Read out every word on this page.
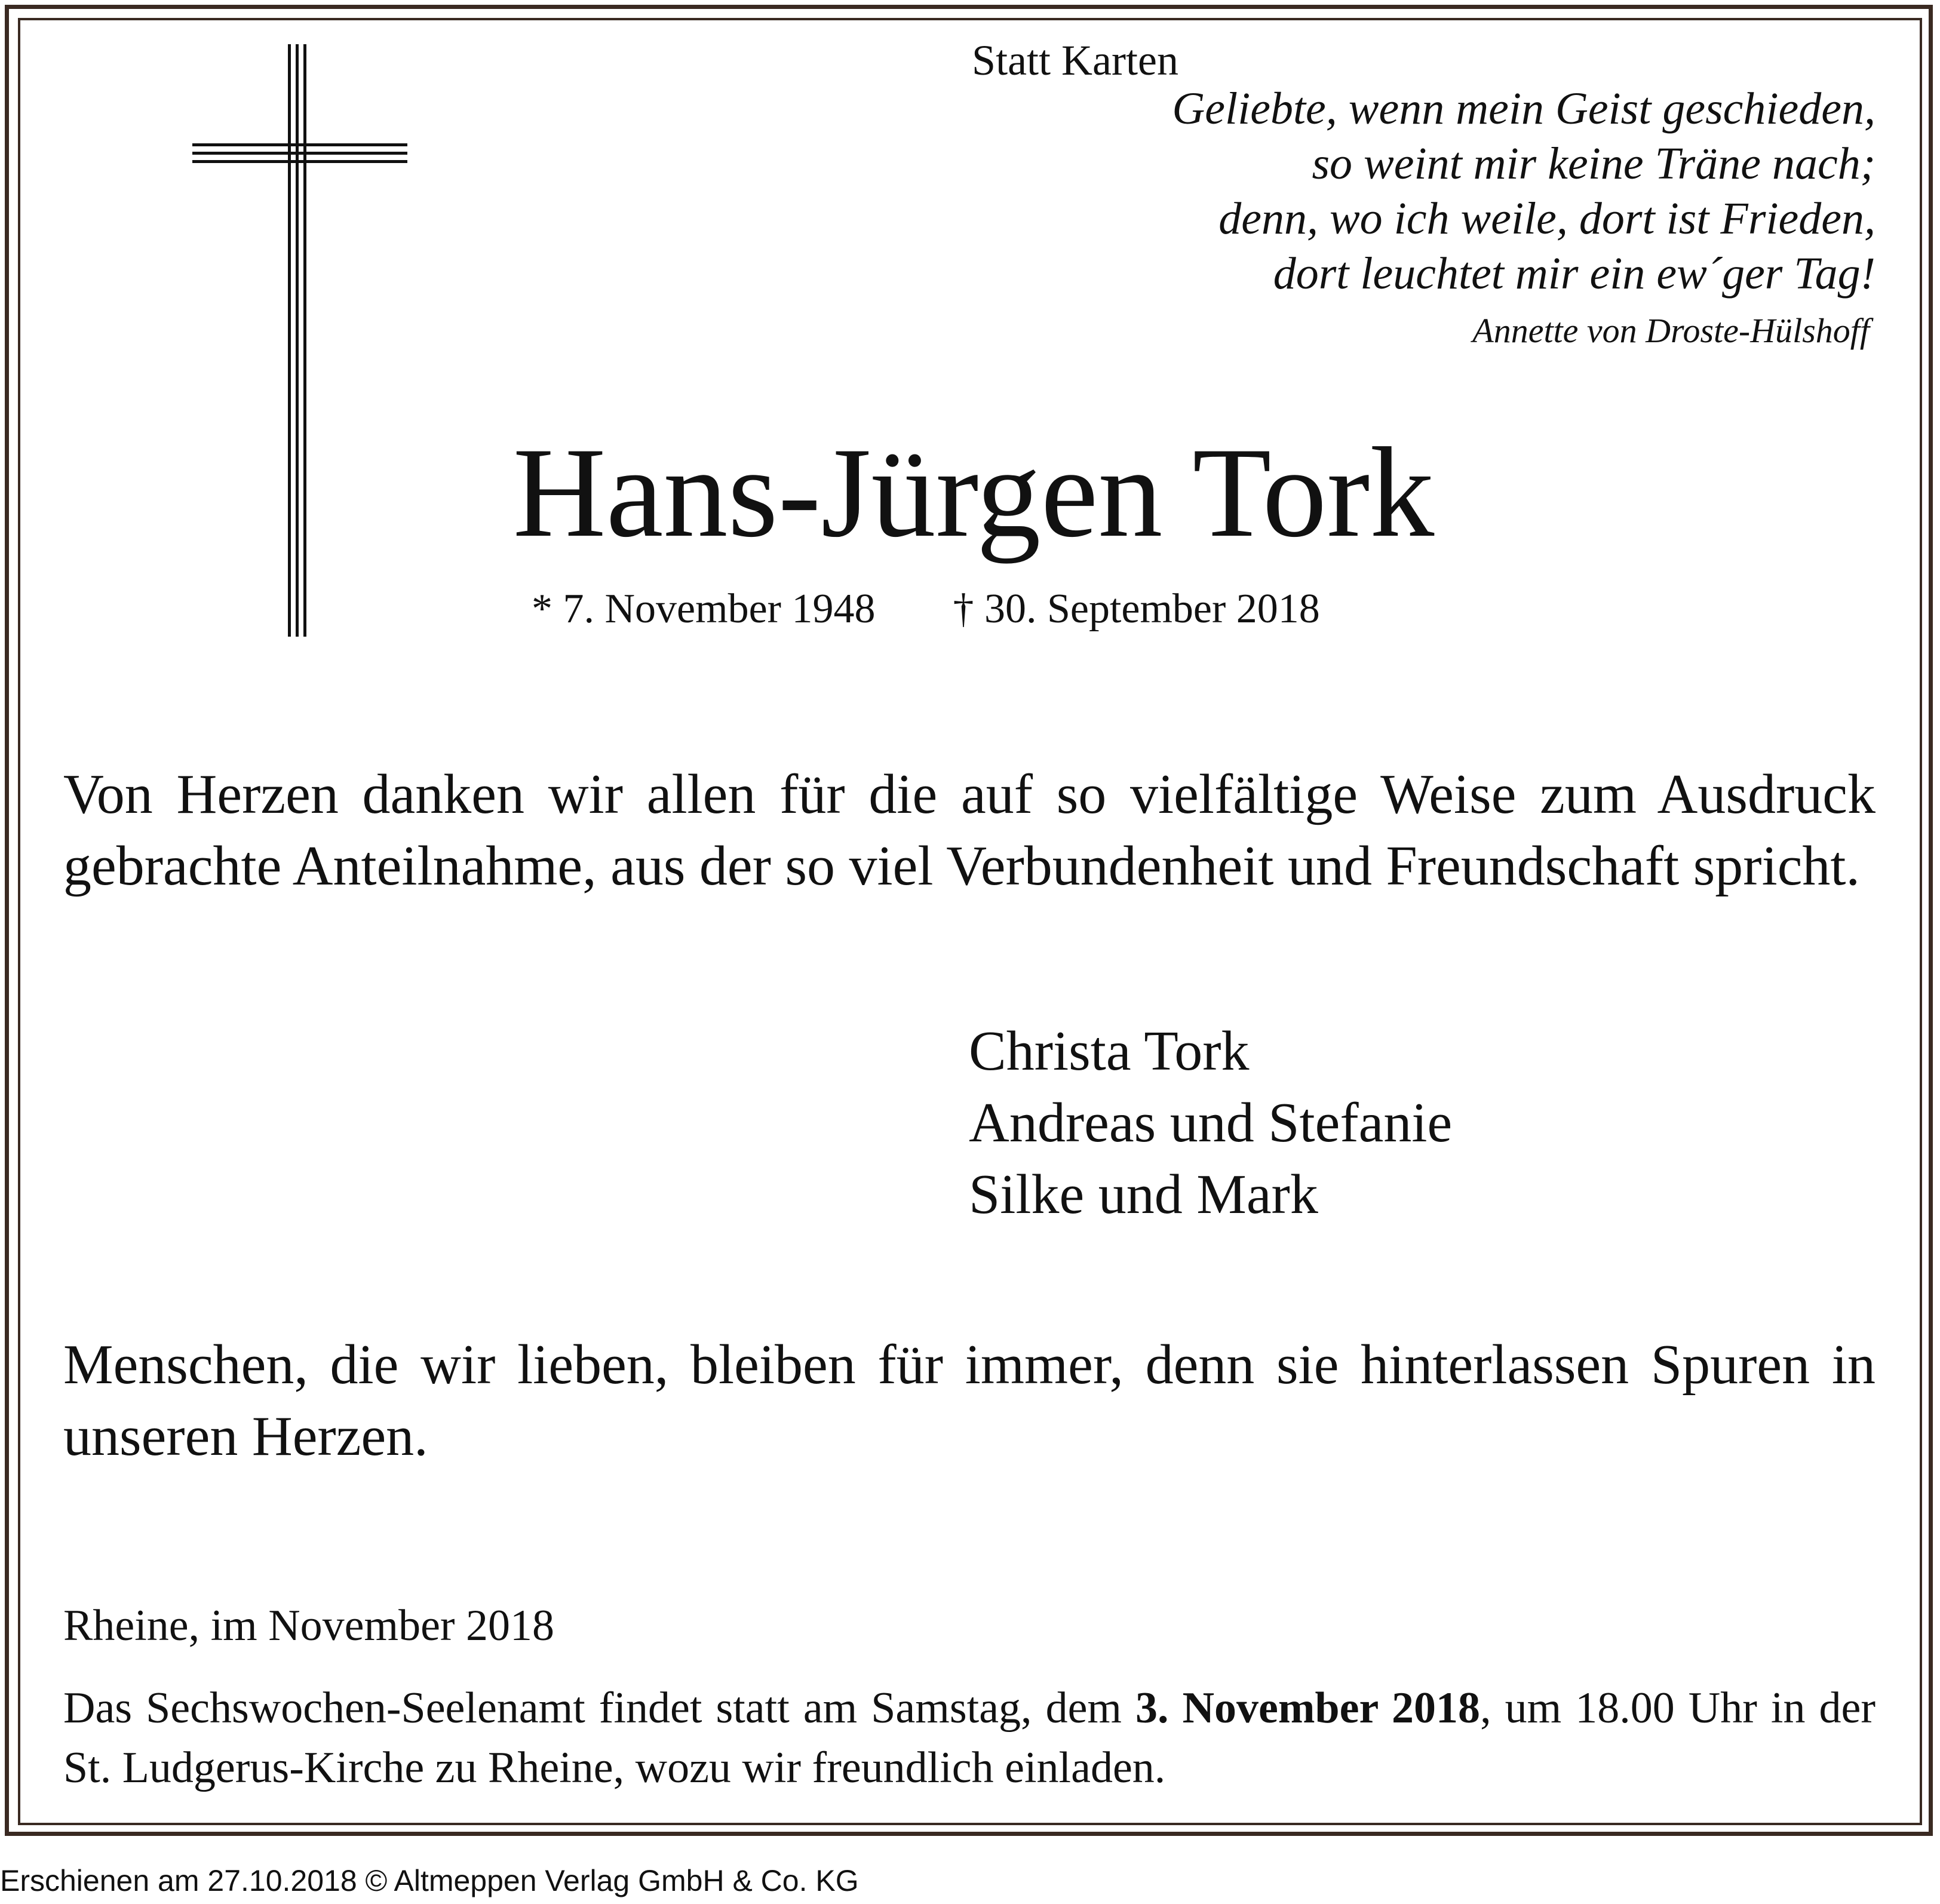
Statt Karten
Geliebte, wenn mein Geist geschieden,
so weint mir keine Träne nach;
denn, wo ich weile, dort ist Frieden,
dort leuchtet mir ein ew´ger Tag!
Annette von Droste-Hülshoff
Hans-Jürgen Tork
* 7. November 1948 † 30. September 2018
Von Herzen danken wir allen für die auf so vielfältige Weise zum Ausdruck gebrachte Anteilnahme, aus der so viel Verbundenheit und Freundschaft spricht.
Christa Tork
Andreas und Stefanie
Silke und Mark
Menschen, die wir lieben, bleiben für immer, denn sie hinterlassen Spuren in unseren Herzen.
Rheine, im November 2018
Das Sechswochen-Seelenamt findet statt am Samstag, dem 3. November 2018, um 18.00 Uhr in der St. Ludgerus-Kirche zu Rheine, wozu wir freundlich einladen.
Erschienen am 27.10.2018 © Altmeppen Verlag GmbH & Co. KG
